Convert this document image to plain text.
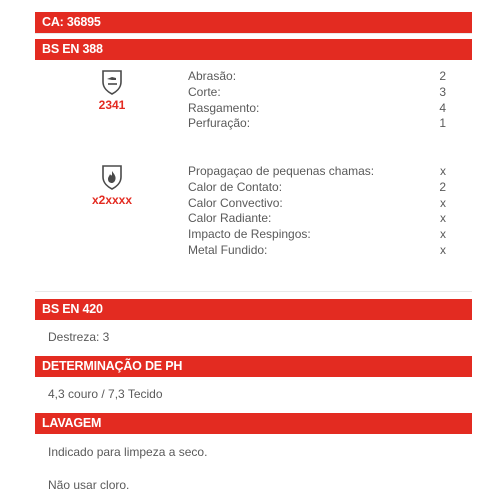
CA: 36895
BS EN 388
2341
Abrasão:	2
Corte:	3
Rasgamento:	4
Perfuração:	1
x2xxxx
Propagaçao de pequenas chamas:	x
Calor de Contato:	2
Calor Convectivo:	x
Calor Radiante:	x
Impacto de Respingos:	x
Metal Fundido:	x
BS EN 420
Destreza: 3
DETERMINAÇÃO DE PH
4,3 couro / 7,3 Tecido
LAVAGEM
Indicado para limpeza a seco.
Não usar cloro.
